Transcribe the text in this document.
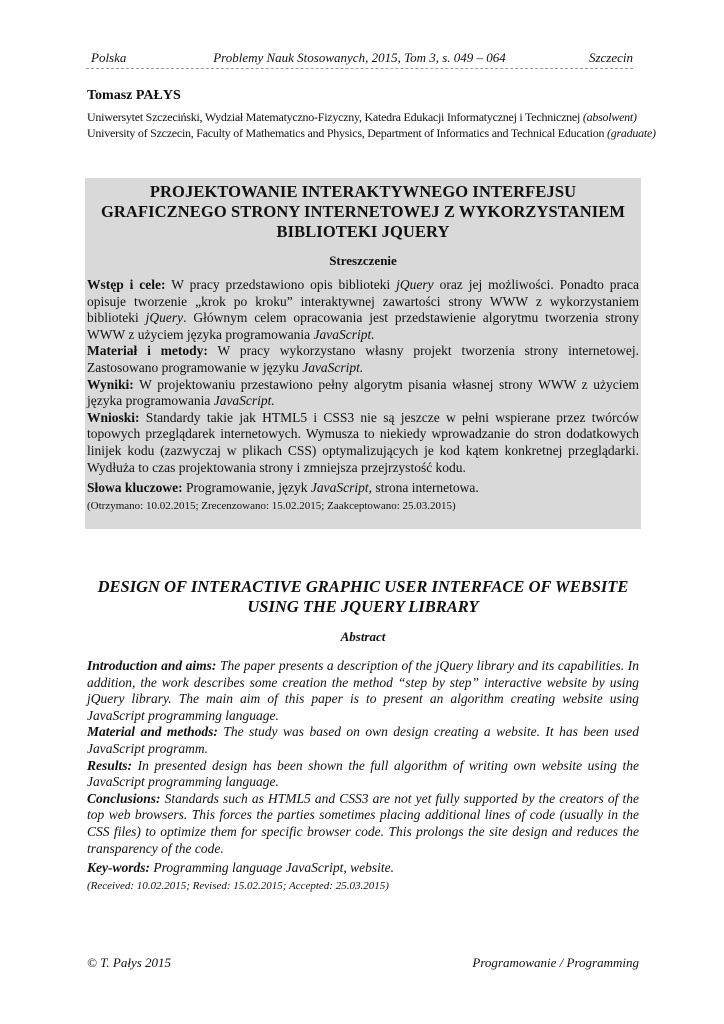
Polska	Problemy Nauk Stosowanych, 2015, Tom 3, s. 049 – 064	Szczecin
Tomasz PAŁYS
Uniwersytet Szczeciński, Wydział Matematyczno-Fizyczny, Katedra Edukacji Informatycznej i Technicznej (absolwent)
University of Szczecin, Faculty of Mathematics and Physics, Department of Informatics and Technical Education (graduate)
PROJEKTOWANIE INTERAKTYWNEGO INTERFEJSU
GRAFICZNEGO STRONY INTERNETOWEJ Z WYKORZYSTANIEM
BIBLIOTEKI JQUERY
Streszczenie

Wstęp i cele: W pracy przedstawiono opis biblioteki jQuery oraz jej możliwości. Ponadto praca opisuje tworzenie „krok po kroku” interaktywnej zawartości strony WWW z wykorzystaniem biblioteki jQuery. Głównym celem opracowania jest przedstawienie algorytmu tworzenia strony WWW z użyciem języka programowania JavaScript.

Materiał i metody: W pracy wykorzystano własny projekt tworzenia strony internetowej. Zastosowano programowanie w języku JavaScript.

Wyniki: W projektowaniu przestawiono pełny algorytm pisania własnej strony WWW z użyciem języka programowania JavaScript.

Wnioski: Standardy takie jak HTML5 i CSS3 nie są jeszcze w pełni wspierane przez twórców topowych przeglądarek internetowych. Wymusza to niekiedy wprowadzanie do stron dodatkowych linijek kodu (zazwyczaj w plikach CSS) optymalizujących je kod kątem konkretnej przeglądarki. Wydłuża to czas projektowania strony i zmniejsza przejrzystość kodu.

Słowa kluczowe: Programowanie, język JavaScript, strona internetowa.
(Otrzymano: 10.02.2015; Zrecenzowano: 15.02.2015; Zaakceptowano: 25.03.2015)
DESIGN OF INTERACTIVE GRAPHIC USER INTERFACE OF WEBSITE
USING THE JQUERY LIBRARY
Abstract

Introduction and aims: The paper presents a description of the jQuery library and its capabilities. In addition, the work describes some creation the method “step by step” interactive website by using jQuery library. The main aim of this paper is to present an algorithm creating website using JavaScript programming language.

Material and methods: The study was based on own design creating a website. It has been used JavaScript programm.

Results: In presented design has been shown the full algorithm of writing own website using the JavaScript programming language.

Conclusions: Standards such as HTML5 and CSS3 are not yet fully supported by the creators of the top web browsers. This forces the parties sometimes placing additional lines of code (usually in the CSS files) to optimize them for specific browser code. This prolongs the site design and reduces the transparency of the code.

Key-words: Programming language JavaScript, website.
(Received: 10.02.2015; Revised: 15.02.2015; Accepted: 25.03.2015)
© T. Pałys 2015	Programowanie / Programming
